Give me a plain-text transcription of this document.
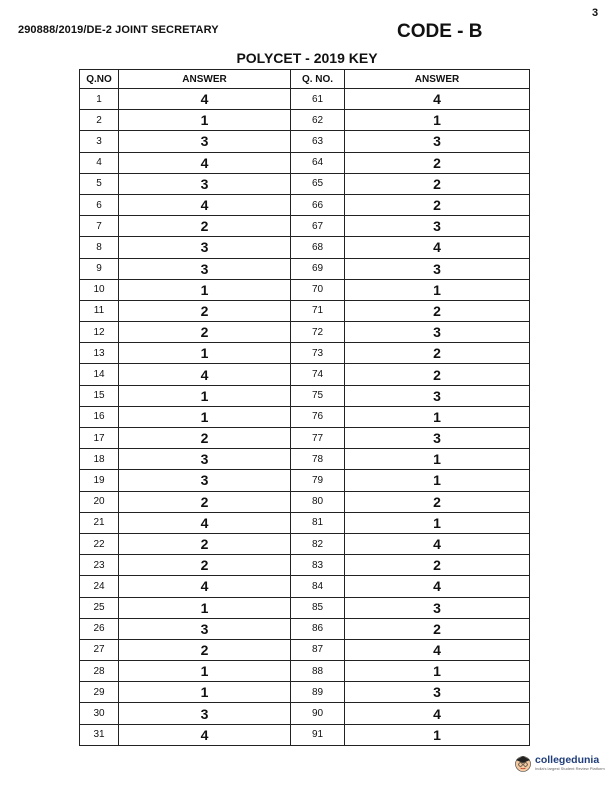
3
290888/2019/DE-2 JOINT SECRETARY	CODE - B
POLYCET - 2019 KEY
Q.NO	ANSWER	Q. NO.	ANSWER
1	4	61	4
2	1	62	1
3	3	63	3
4	4	64	2
5	3	65	2
6	4	66	2
7	2	67	3
8	3	68	4
9	3	69	3
10	1	70	1
11	2	71	2
12	2	72	3
13	1	73	2
14	4	74	2
15	1	75	3
16	1	76	1
17	2	77	3
18	3	78	1
19	3	79	1
20	2	80	2
21	4	81	1
22	2	82	4
23	2	83	2
24	4	84	4
25	1	85	3
26	3	86	2
27	2	87	4
28	1	88	1
29	1	89	3
30	3	90	4
31	4	91	1
collegedunia
India's largest Student Review Platform
